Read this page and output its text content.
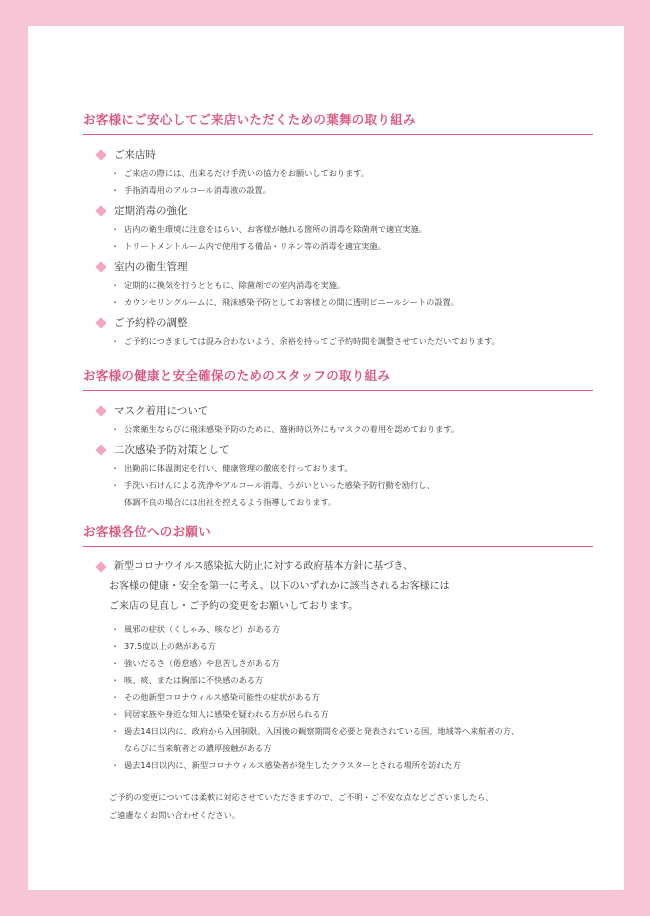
お客様にご安心してご来店いただくための葉舞の取り組み

ご来店時

・ ご来店の際には、出来るだけ手洗いの協力をお願いしております。
・ 手指消毒用のアルコール消毒液の設置。

定期消毒の強化

・ 店内の衛生環境に注意をはらい、お客様が触れる箇所の消毒を除菌剤で適宜実施。
・ トリートメントルーム内で使用する備品・リネン等の消毒を適宜実施。

室内の衛生管理

・ 定期的に換気を行うとともに、除菌剤での室内消毒を実施。
・ カウンセリングルームに、飛沫感染予防としてお客様との間に透明ビニールシートの設置。

ご予約枠の調整

・ ご予約につきましては混み合わないよう、余裕を持ってご予約時間を調整させていただいております。
お客様の健康と安全確保のためのスタッフの取り組み

マスク着用について

・ 公衆衛生ならびに飛沫感染予防のために、施術時以外にもマスクの着用を認めております。

二次感染予防対策として

・ 出勤前に体温測定を行い、健康管理の徹底を行っております。
・ 手洗い石けんによる洗浄やアルコール消毒、うがいといった感染予防行動を励行し、
体調不良の場合には出社を控えるよう指導しております。
お客様各位へのお願い
新型コロナウイルス感染拡大防止に対する政府基本方針に基づき、
お客様の健康・安全を第一に考え、以下のいずれかに該当されるお客様には
ご来店の見直し・ご予約の変更をお願いしております。
・ 風邪の症状（くしゃみ、咳など）がある方
・ 37.5度以上の熱がある方
・ 強いだるさ（倦怠感）や息苦しさがある方
・ 咳、痰、または胸部に不快感のある方
・ その他新型コロナウィルス感染可能性の症状がある方
・ 同居家族や身近な知人に感染を疑われる方が居られる方
・ 過去14日以内に、政府から入国制限、入国後の観察期間を必要と発表されている国、地域等へ来航者の方、
ならびに当来航者との濃厚接触がある方
・ 過去14日以内に、新型コロナウィルス感染者が発生したクラスターとされる場所を訪れた方
ご予約の変更については柔軟に対応させていただきますので、ご不明・ご不安な点などございましたら、
ご遠慮なくお問い合わせください。
